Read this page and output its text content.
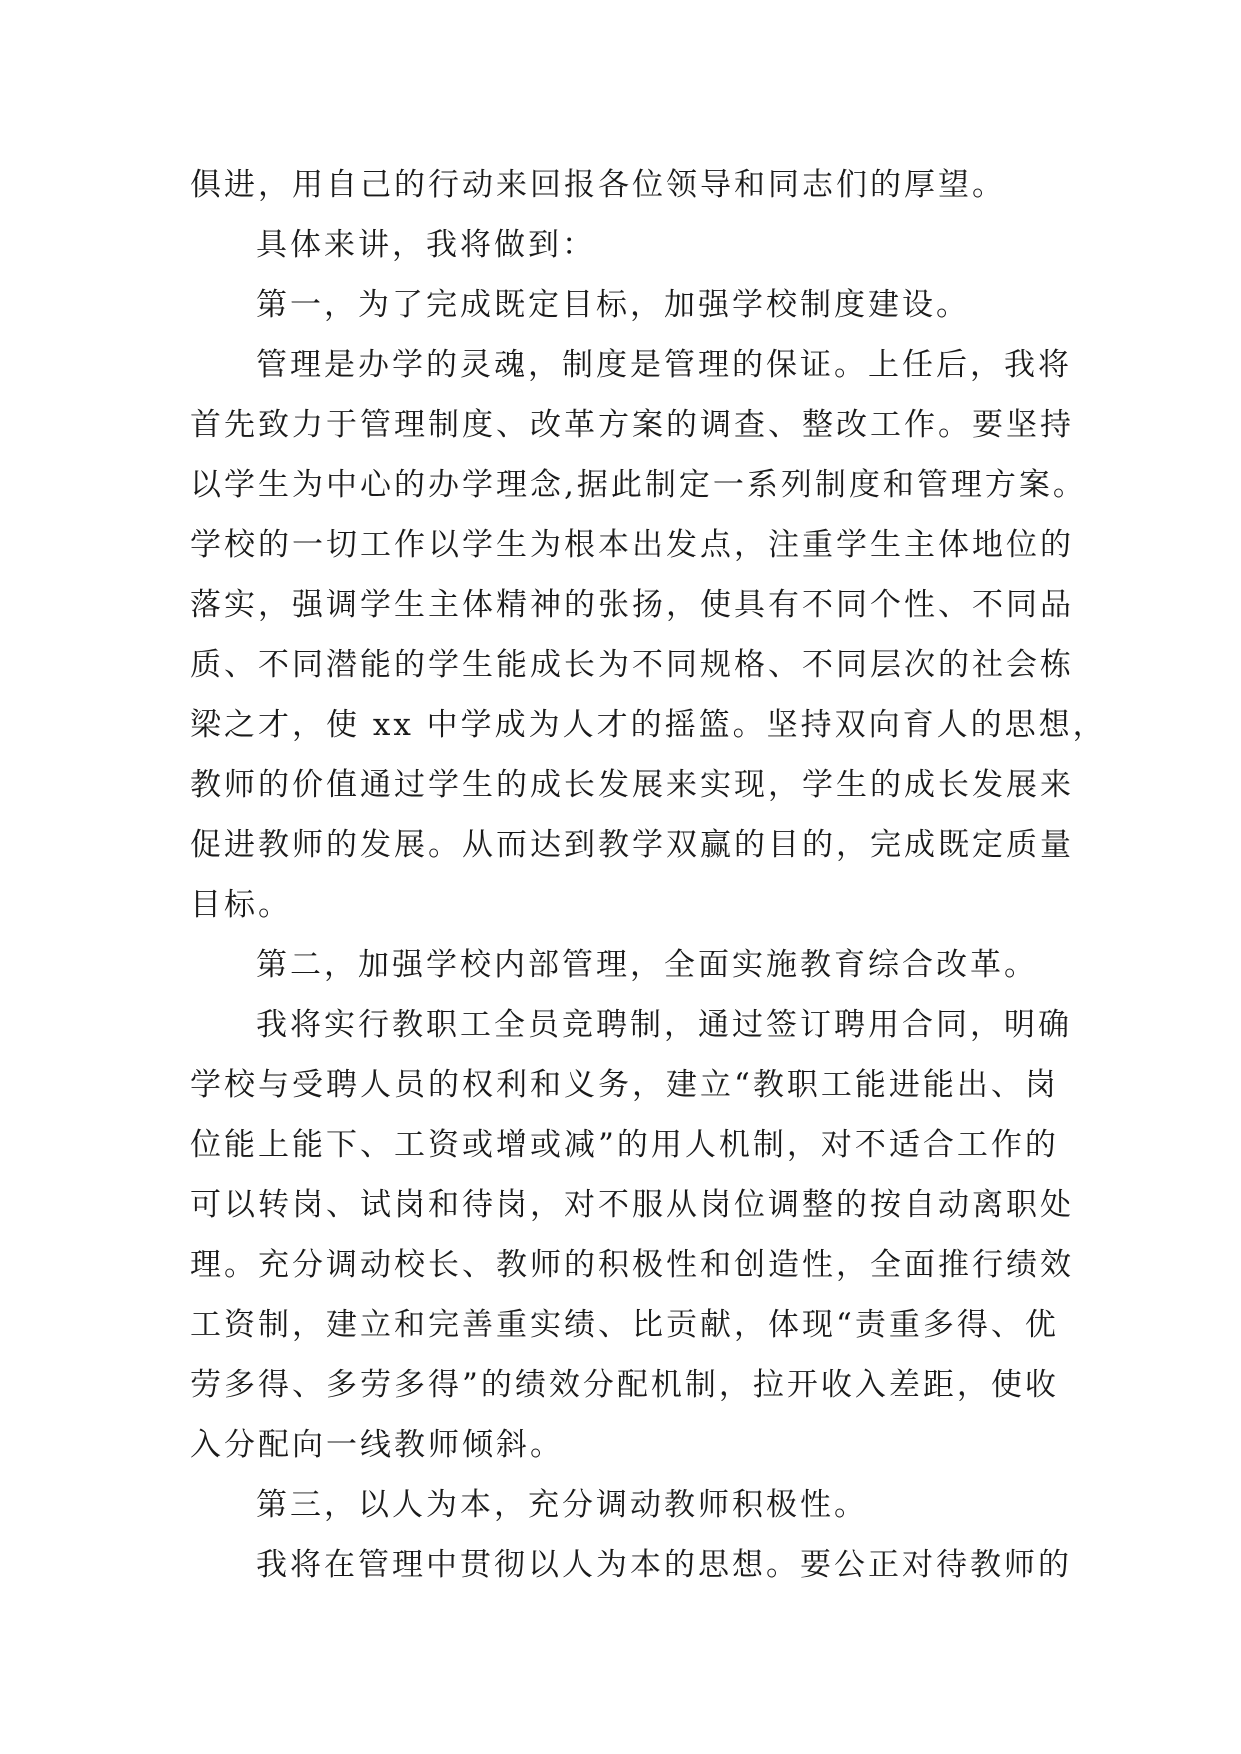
俱进，用自己的行动来回报各位领导和同志们的厚望。
具体来讲，我将做到：
第一，为了完成既定目标，加强学校制度建设。
管理是办学的灵魂，制度是管理的保证。上任后，我将
首先致力于管理制度、改革方案的调查、整改工作。要坚持
以学生为中心的办学理念,据此制定一系列制度和管理方案。
学校的一切工作以学生为根本出发点，注重学生主体地位的
落实，强调学生主体精神的张扬，使具有不同个性、不同品
质、不同潜能的学生能成长为不同规格、不同层次的社会栋
梁之才，使 xx 中学成为人才的摇篮。坚持双向育人的思想，
教师的价值通过学生的成长发展来实现，学生的成长发展来
促进教师的发展。从而达到教学双赢的目的，完成既定质量
目标。
第二，加强学校内部管理，全面实施教育综合改革。
我将实行教职工全员竞聘制，通过签订聘用合同，明确
学校与受聘人员的权利和义务，建立“教职工能进能出、岗
位能上能下、工资或增或减”的用人机制，对不适合工作的
可以转岗、试岗和待岗，对不服从岗位调整的按自动离职处
理。充分调动校长、教师的积极性和创造性，全面推行绩效
工资制，建立和完善重实绩、比贡献，体现“责重多得、优
劳多得、多劳多得”的绩效分配机制，拉开收入差距，使收
入分配向一线教师倾斜。
第三，以人为本，充分调动教师积极性。
我将在管理中贯彻以人为本的思想。要公正对待教师的
